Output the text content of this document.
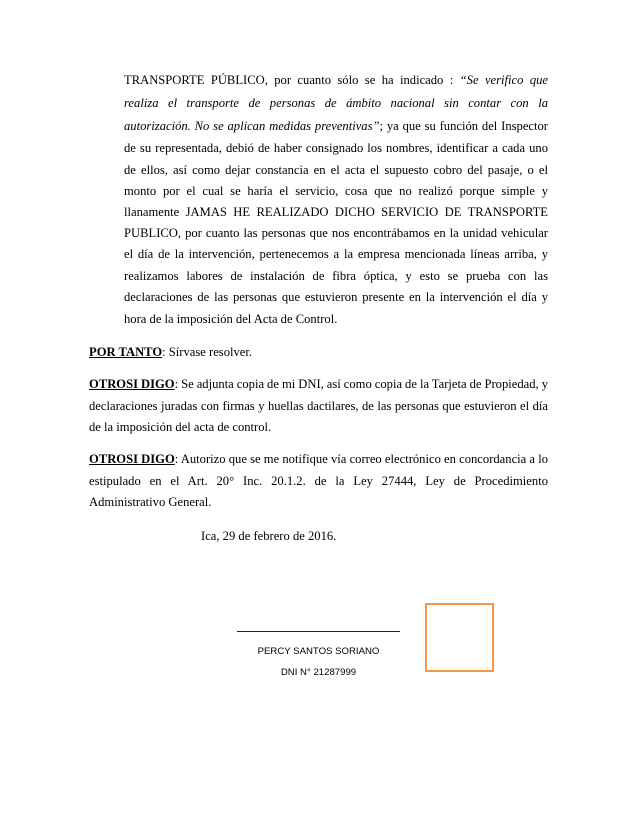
TRANSPORTE PÚBLICO, por cuanto sólo se ha indicado : “Se verifico que
realiza el transporte de personas de ámbito nacional sin contar con la
autorización. No se aplican medidas preventivas”; ya que su función del Inspector
de su representada, debió de haber consignado los nombres, identificar a cada uno
de ellos, así como dejar constancia en el acta el supuesto cobro del pasaje, o el
monto por el cual se haría el servicio, cosa que no realizó porque simple y
llanamente JAMAS HE REALIZADO DICHO SERVICIO DE TRANSPORTE
PUBLICO, por cuanto las personas que nos encontrábamos en la unidad vehicular
el día de la intervención, pertenecemos a la empresa mencionada líneas arriba, y
realizamos labores de instalación de fibra óptica, y esto se prueba con las
declaraciones de las personas que estuvieron presente en la intervención el día y
hora de la imposición del Acta de Control.
POR TANTO: Sírvase resolver.
OTROSI DIGO: Se adjunta copia de mi DNI, así como copia de la Tarjeta de Propiedad, y
declaraciones juradas con firmas y huellas dactilares, de las personas que estuvieron el día
de la imposición del acta de control.
OTROSI DIGO: Autorizo que se me notifique vía correo electrónico en concordancia a lo
estipulado en el Art. 20° Inc. 20.1.2. de la Ley 27444, Ley de Procedimiento
Administrativo General.
Ica, 29 de febrero de 2016.
PERCY SANTOS SORIANO
DNI N° 21287999
